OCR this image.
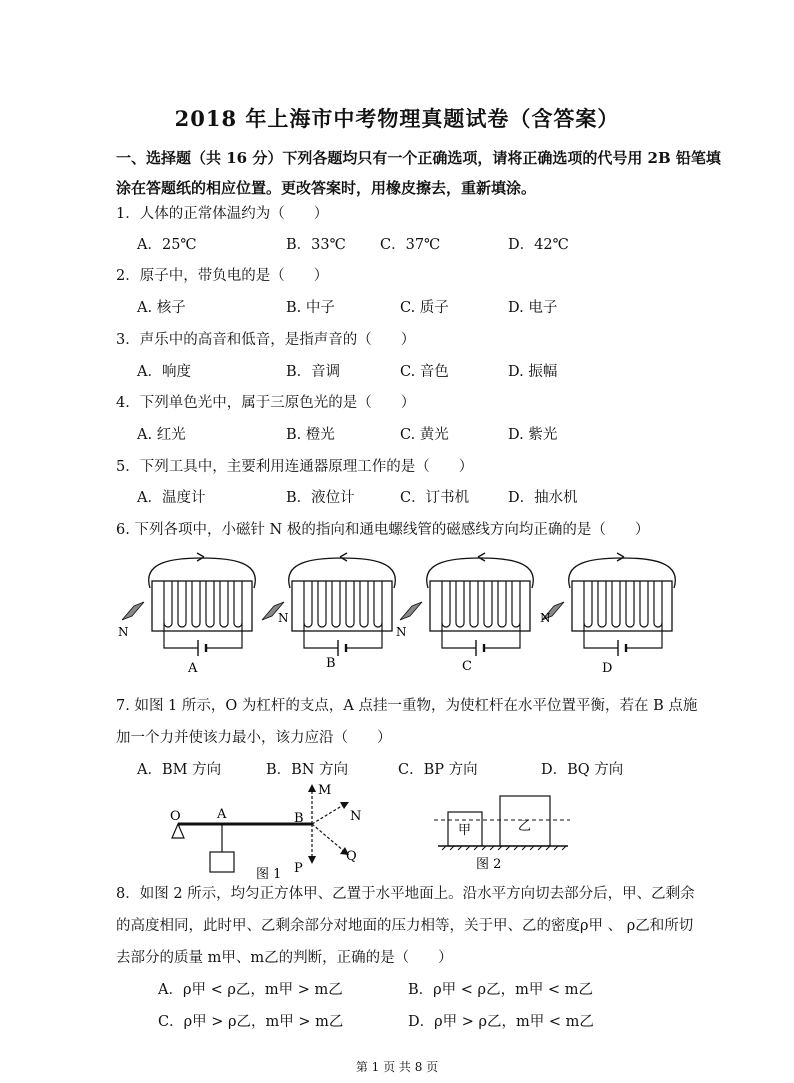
2018 年上海市中考物理真题试卷（含答案）
一、选择题（共 16 分）下列各题均只有一个正确选项，请将正确选项的代号用 2B 铅笔填
涂在答题纸的相应位置。更改答案时，用橡皮擦去，重新填涂。
1．人体的正常体温约为（　　）
A．25℃	B．33℃ C．37℃	D．42℃
2．原子中，带负电的是（　　）
A. 核子	B. 中子	C. 质子	D. 电子
3．声乐中的高音和低音，是指声音的（　　）
A．响度	B．音调	C. 音色	D. 振幅
4．下列单色光中，属于三原色光的是（　　）
A. 红光	B. 橙光	C. 黄光	D. 紫光
5．下列工具中，主要利用连通器原理工作的是（　　）
A．温度计	B．液位计	C．订书机	D．抽水机
6. 下列各项中，小磁针 N 极的指向和通电螺线管的磁感线方向均正确的是（　　）
N
N
N
N
A	B	C	D
7. 如图 1 所示，O 为杠杆的支点，A 点挂一重物，为使杠杆在水平位置平衡，若在 B 点施
加一个力并使该力最小，该力应沿（　　）
A．BM 方向	B．BN 方向	C．BP 方向	D．BQ 方向
O	A	B
M
N
P
Q
图 1
甲	乙
图 2
8．如图 2 所示，均匀正方体甲、乙置于水平地面上。沿水平方向切去部分后，甲、乙剩余
的高度相同，此时甲、乙剩余部分对地面的压力相等，关于甲、乙的密度ρ甲 、 ρ乙和所切
去部分的质量 m甲、m乙的判断，正确的是（　　）
A．ρ甲 < ρ乙，m甲 > m乙	B．ρ甲 < ρ乙，m甲 < m乙
C．ρ甲 > ρ乙，m甲 > m乙	D．ρ甲 > ρ乙，m甲 < m乙
第 1 页 共 8 页
